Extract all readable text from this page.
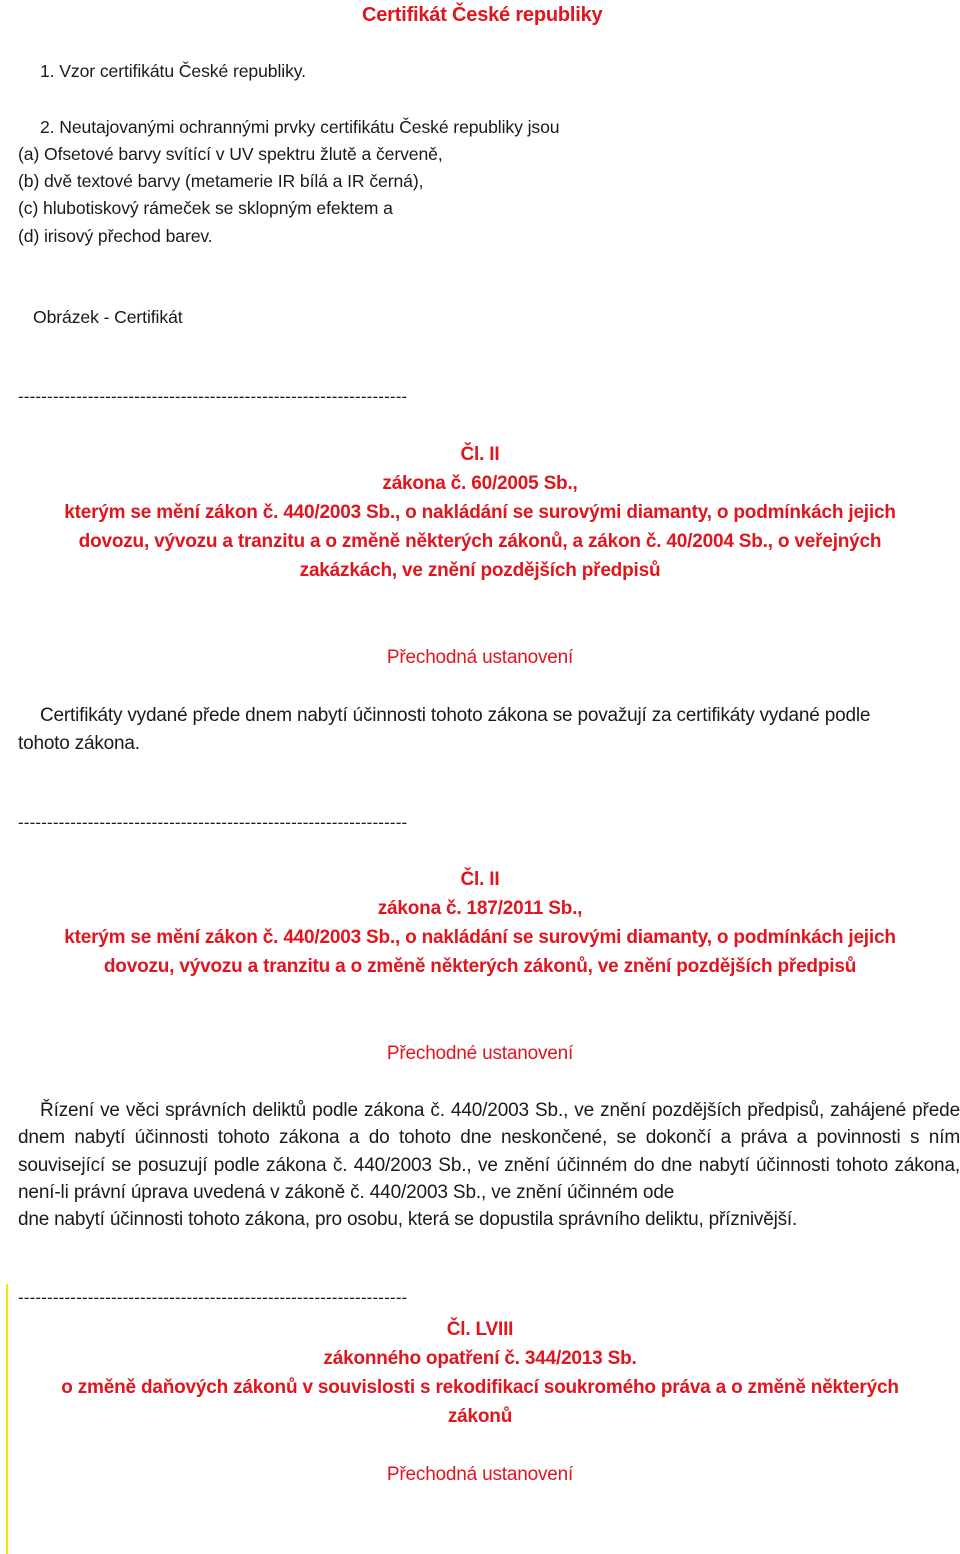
Certifikát České republiky
1. Vzor certifikátu České republiky.
2. Neutajovanými ochrannými prvky certifikátu České republiky jsou
(a) Ofsetové barvy svítící v UV spektru žlutě a červeně,
(b) dvě textové barvy (metamerie IR bílá a IR černá),
(c) hlubotiskový rámeček se sklopným efektem a
(d) irisový přechod barev.
Obrázek - Certifikát
-------------------------------------------------------------------
Čl. II
zákona č. 60/2005 Sb.,
kterým se mění zákon č. 440/2003 Sb., o nakládání se surovými diamanty, o podmínkách jejich
dovozu, vývozu a tranzitu a o změně některých zákonů, a zákon č. 40/2004 Sb., o veřejných
zakázkách, ve znění pozdějších předpisů
Přechodná ustanovení
Certifikáty vydané přede dnem nabytí účinnosti tohoto zákona se považují za certifikáty vydané podle
tohoto zákona.
-------------------------------------------------------------------
Čl. II
zákona č. 187/2011 Sb.,
kterým se mění zákon č. 440/2003 Sb., o nakládání se surovými diamanty, o podmínkách jejich
dovozu, vývozu a tranzitu a o změně některých zákonů, ve znění pozdějších předpisů
Přechodné ustanovení
Řízení ve věci správních deliktů podle zákona č. 440/2003 Sb., ve znění pozdějších předpisů, zahájené přede dnem nabytí účinnosti tohoto zákona a do tohoto dne neskončené, se dokončí a práva a povinnosti s ním související se posuzují podle zákona č. 440/2003 Sb., ve znění účinném do dne nabytí účinnosti tohoto zákona, není-li právní úprava uvedená v zákoně č. 440/2003 Sb., ve znění účinném ode
dne nabytí účinnosti tohoto zákona, pro osobu, která se dopustila správního deliktu, příznivější.
-------------------------------------------------------------------
Čl. LVIII
zákonného opatření č. 344/2013 Sb.
o změně daňových zákonů v souvislosti s rekodifikací soukromého práva a o změně některých
zákonů
Přechodná ustanovení
